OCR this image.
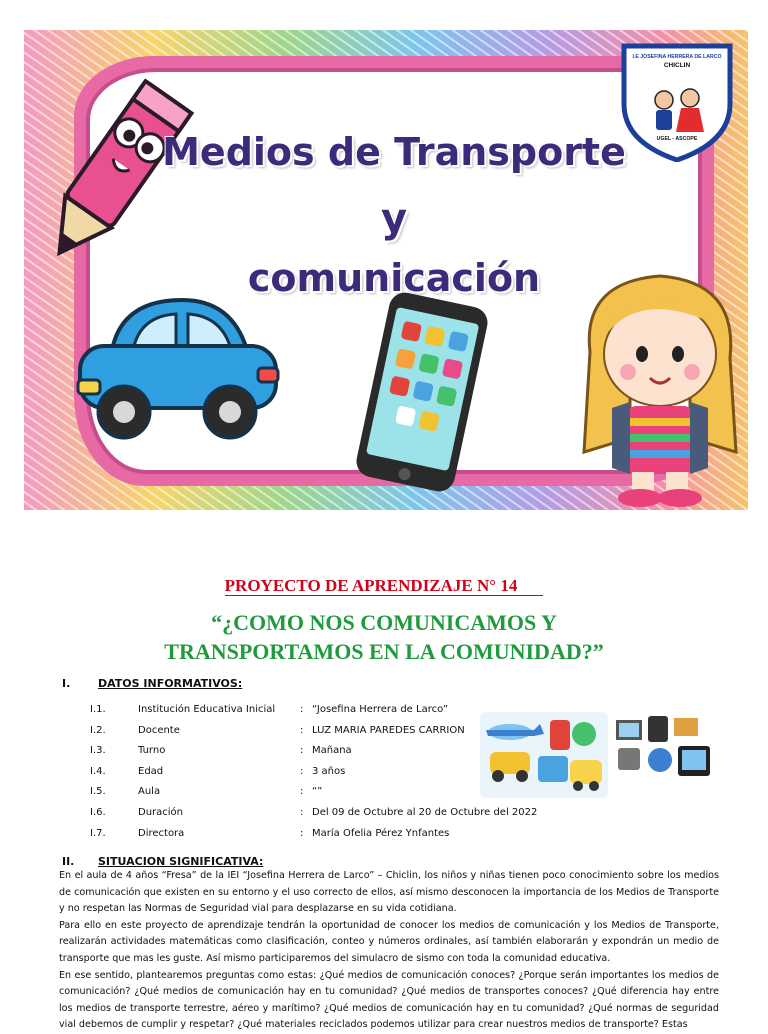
I.E JOSEFINA HERRERA DE LARCO
CHICLIN
UGEL - ASCOPE
Medios de Transporte
y
comunicación
PROYECTO DE APRENDIZAJE N° 14
“¿COMO NOS COMUNICAMOS Y
TRANSPORTAMOS EN LA COMUNIDAD?”
I.	DATOS INFORMATIVOS:
I.1.	Institución Educativa Inicial : “Josefina Herrera de Larco”
I.2.	Docente	: LUZ MARIA PAREDES CARRION
I.3.	Turno	: Mañana
I.4.	Edad	: 3 años
I.5.	Aula	: “”
I.6.	Duración	: Del 09 de Octubre al 20 de Octubre del 2022
I.7.	Directora	: María Ofelia Pérez Ynfantes
II. SITUACION SIGNIFICATIVA:

En el aula de 4 años “Fresa” de la IEI “Josefina Herrera de Larco” – Chiclin, los niños y niñas tienen poco conocimiento sobre los medios de comunicación que existen en su entorno y el uso correcto de ellos, así mismo desconocen la importancia de los Medios de Transporte y no respetan las Normas de Seguridad vial para desplazarse en su vida cotidiana.

Para ello en este proyecto de aprendizaje tendrán la oportunidad de conocer los medios de comunicación y los Medios de Transporte, realizarán actividades matemáticas como clasificación, conteo y números ordinales, así también elaborarán y expondrán un medio de transporte que mas les guste. Así mismo participaremos del simulacro de sismo con toda la comunidad educativa.

En ese sentido, plantearemos preguntas como estas: ¿Qué medios de comunicación conoces? ¿Porque serán importantes los medios de comunicación? ¿Qué medios de comunicación hay en tu comunidad? ¿Qué medios de transportes conoces? ¿Qué diferencia hay entre los medios de transporte terrestre, aéreo y marítimo? ¿Qué medios de comunicación hay en tu comunidad? ¿Qué normas de seguridad vial debemos de cumplir y respetar? ¿Qué materiales reciclados podemos utilizar para crear nuestros medios de transporte? Estas
